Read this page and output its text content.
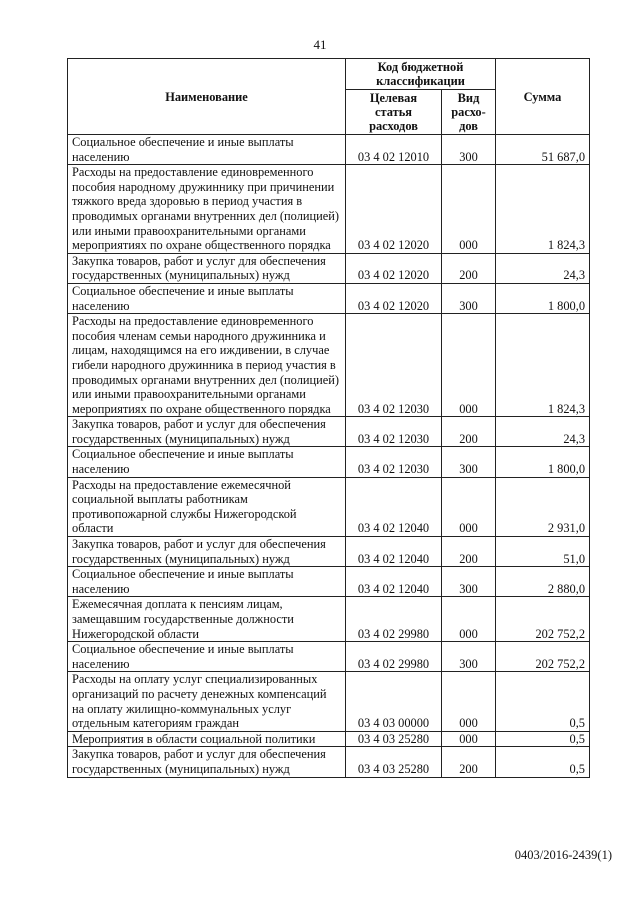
41
Наименование	Код бюджетной классификации		Сумма
	Целевая статья расходов	Вид расхо-дов	
Социальное обеспечение и иные выплаты населению	03 4 02 12010	300	51 687,0
Расходы на предоставление единовременного пособия народному дружиннику при причинении тяжкого вреда здоровью в период участия в проводимых органами внутренних дел (полицией) или иными правоохранительными органами мероприятиях по охране общественного порядка	03 4 02 12020	000	1 824,3
Закупка товаров, работ и услуг для обеспечения государственных (муниципальных) нужд	03 4 02 12020	200	24,3
Социальное обеспечение и иные выплаты населению	03 4 02 12020	300	1 800,0
Расходы на предоставление единовременного пособия членам семьи народного дружинника и лицам, находящимся на его иждивении, в случае гибели народного дружинника в период участия в проводимых органами внутренних дел (полицией) или иными правоохранительными органами мероприятиях по охране общественного порядка	03 4 02 12030	000	1 824,3
Закупка товаров, работ и услуг для обеспечения государственных (муниципальных) нужд	03 4 02 12030	200	24,3
Социальное обеспечение и иные выплаты населению	03 4 02 12030	300	1 800,0
Расходы на предоставление ежемесячной социальной выплаты работникам противопожарной службы Нижегородской области	03 4 02 12040	000	2 931,0
Закупка товаров, работ и услуг для обеспечения государственных (муниципальных) нужд	03 4 02 12040	200	51,0
Социальное обеспечение и иные выплаты населению	03 4 02 12040	300	2 880,0
Ежемесячная доплата к пенсиям лицам, замещавшим государственные должности Нижегородской области	03 4 02 29980	000	202 752,2
Социальное обеспечение и иные выплаты населению	03 4 02 29980	300	202 752,2
Расходы на оплату услуг специализированных организаций по расчету денежных компенсаций на оплату жилищно-коммунальных услуг отдельным категориям граждан	03 4 03 00000	000	0,5
Мероприятия в области социальной политики	03 4 03 25280	000	0,5
Закупка товаров, работ и услуг для обеспечения государственных (муниципальных) нужд	03 4 03 25280	200	0,5
0403/2016-2439(1)
